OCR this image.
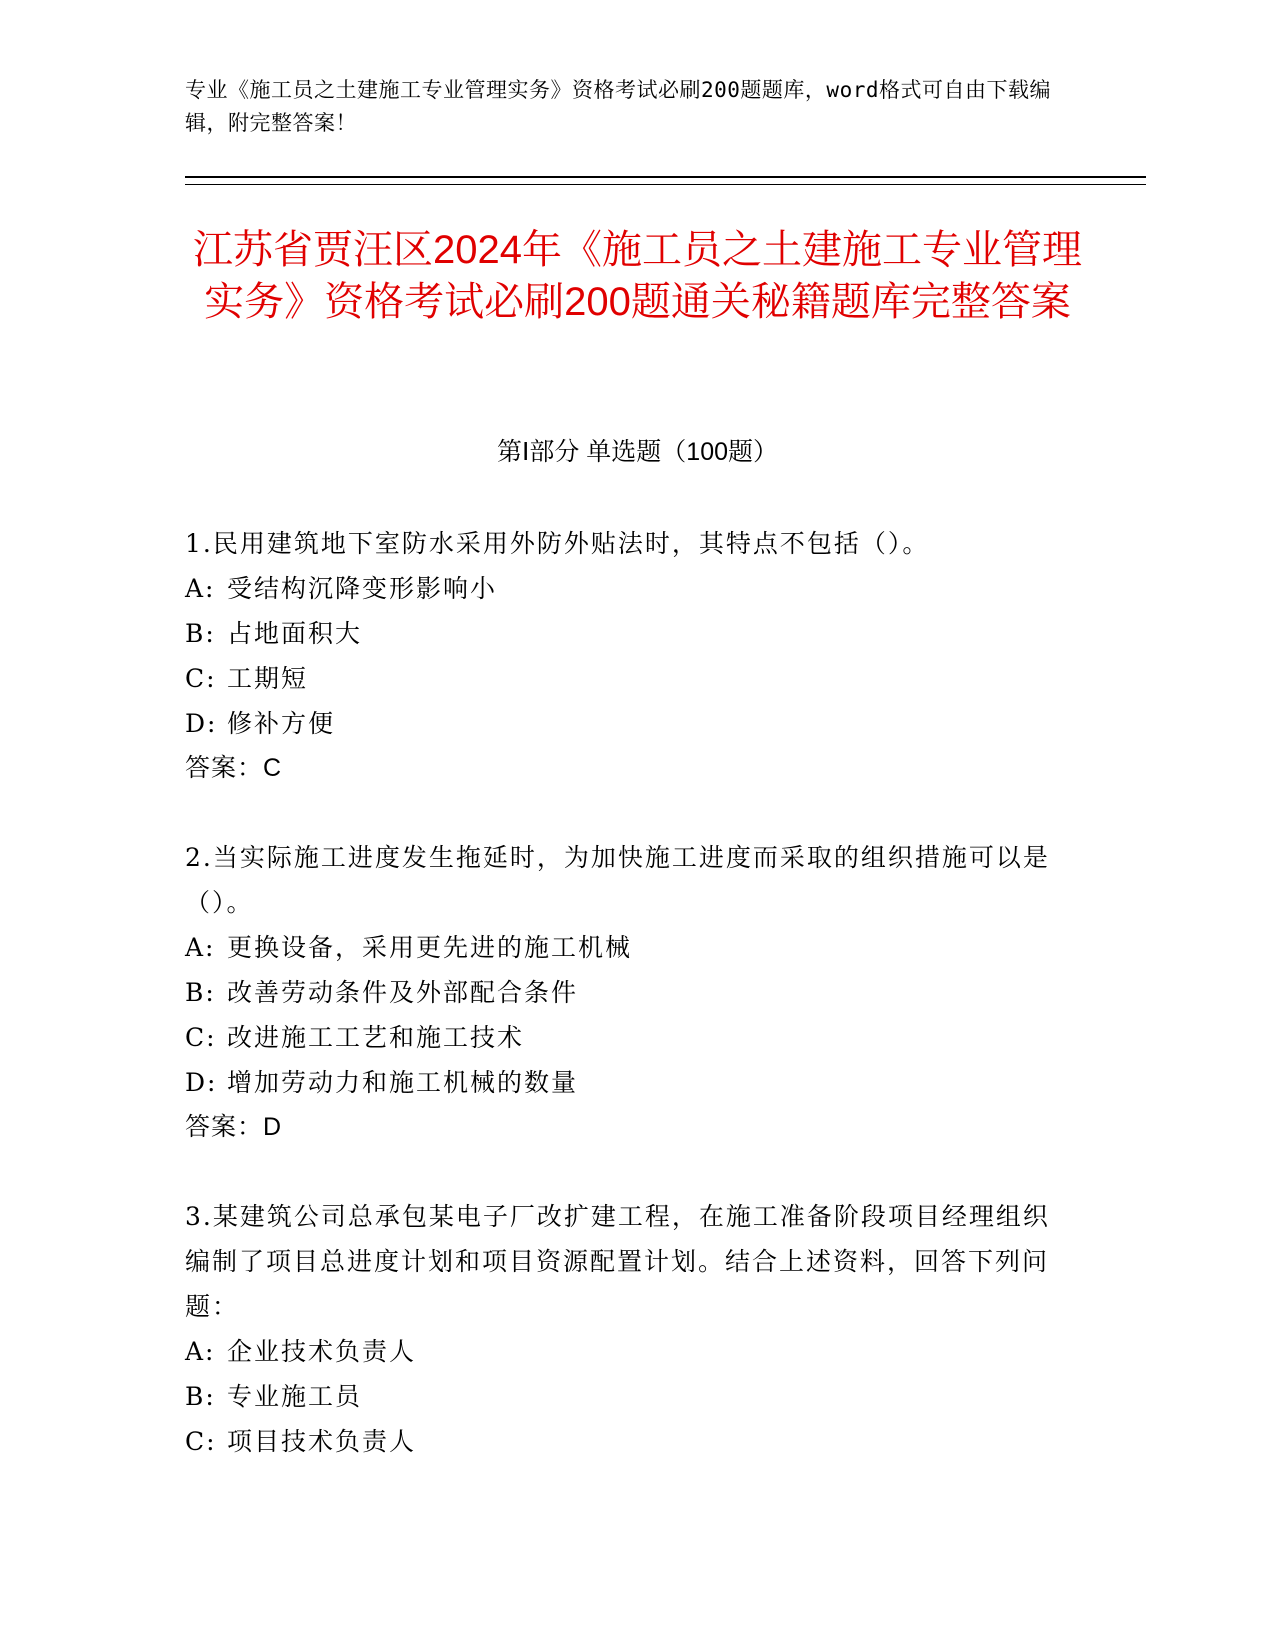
专业《施工员之土建施工专业管理实务》资格考试必刷200题题库，word格式可自由下载编辑，附完整答案！
江苏省贾汪区2024年《施工员之土建施工专业管理实务》资格考试必刷200题通关秘籍题库完整答案
第Ⅰ部分 单选题（100题）
1.民用建筑地下室防水采用外防外贴法时，其特点不包括（）。
A: 受结构沉降变形影响小
B: 占地面积大
C: 工期短
D: 修补方便
答案：C
2.当实际施工进度发生拖延时，为加快施工进度而采取的组织措施可以是（）。
A: 更换设备，采用更先进的施工机械
B: 改善劳动条件及外部配合条件
C: 改进施工工艺和施工技术
D: 增加劳动力和施工机械的数量
答案：D
3.某建筑公司总承包某电子厂改扩建工程，在施工准备阶段项目经理组织编制了项目总进度计划和项目资源配置计划。结合上述资料，回答下列问题：
A: 企业技术负责人
B: 专业施工员
C: 项目技术负责人
